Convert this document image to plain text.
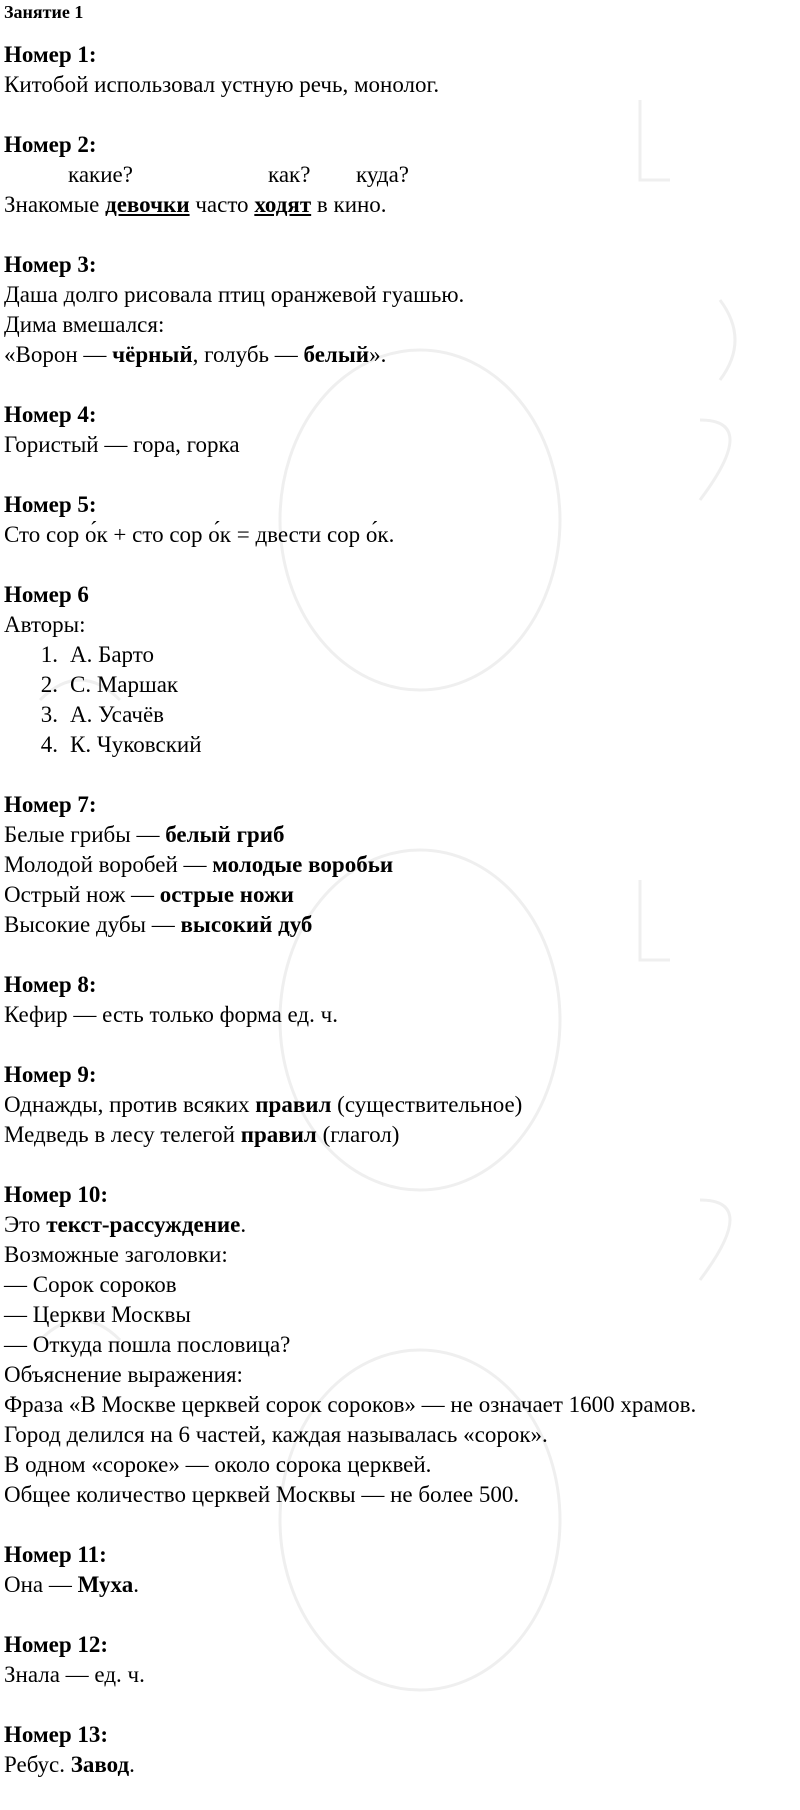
Занятие 1
Номер 1:
Китобой использовал устную речь, монолог.
Номер 2:
какие?	как? куда?
Знакомые девочки часто ходят в кино.
Номер 3:
Даша долго рисовала птиц оранжевой гуашью.
Дима вмешался:
«Ворон — чёрный, голубь — белый».
Номер 4:
Гористый — гора, горка
Номер 5:
Сто сор о́к + сто сор о́к = двести сор о́к.
Номер 6
Авторы:
1. А. Барто
2. С. Маршак
3. А. Усачёв
4. К. Чуковский
Номер 7:
Белые грибы — белый гриб
Молодой воробей — молодые воробьи
Острый нож — острые ножи
Высокие дубы — высокий дуб
Номер 8:
Кефир — есть только форма ед. ч.
Номер 9:
Однажды, против всяких правил (существительное)
Медведь в лесу телегой правил (глагол)
Номер 10:
Это текст-рассуждение.
Возможные заголовки:
— Сорок сороков
— Церкви Москвы
— Откуда пошла пословица?
Объяснение выражения:
Фраза «В Москве церквей сорок сороков» — не означает 1600 храмов.
Город делился на 6 частей, каждая называлась «сорок».
В одном «сороке» — около сорока церквей.
Общее количество церквей Москвы — не более 500.
Номер 11:
Она — Муха.
Номер 12:
Знала — ед. ч.
Номер 13:
Ребус. Завод.
